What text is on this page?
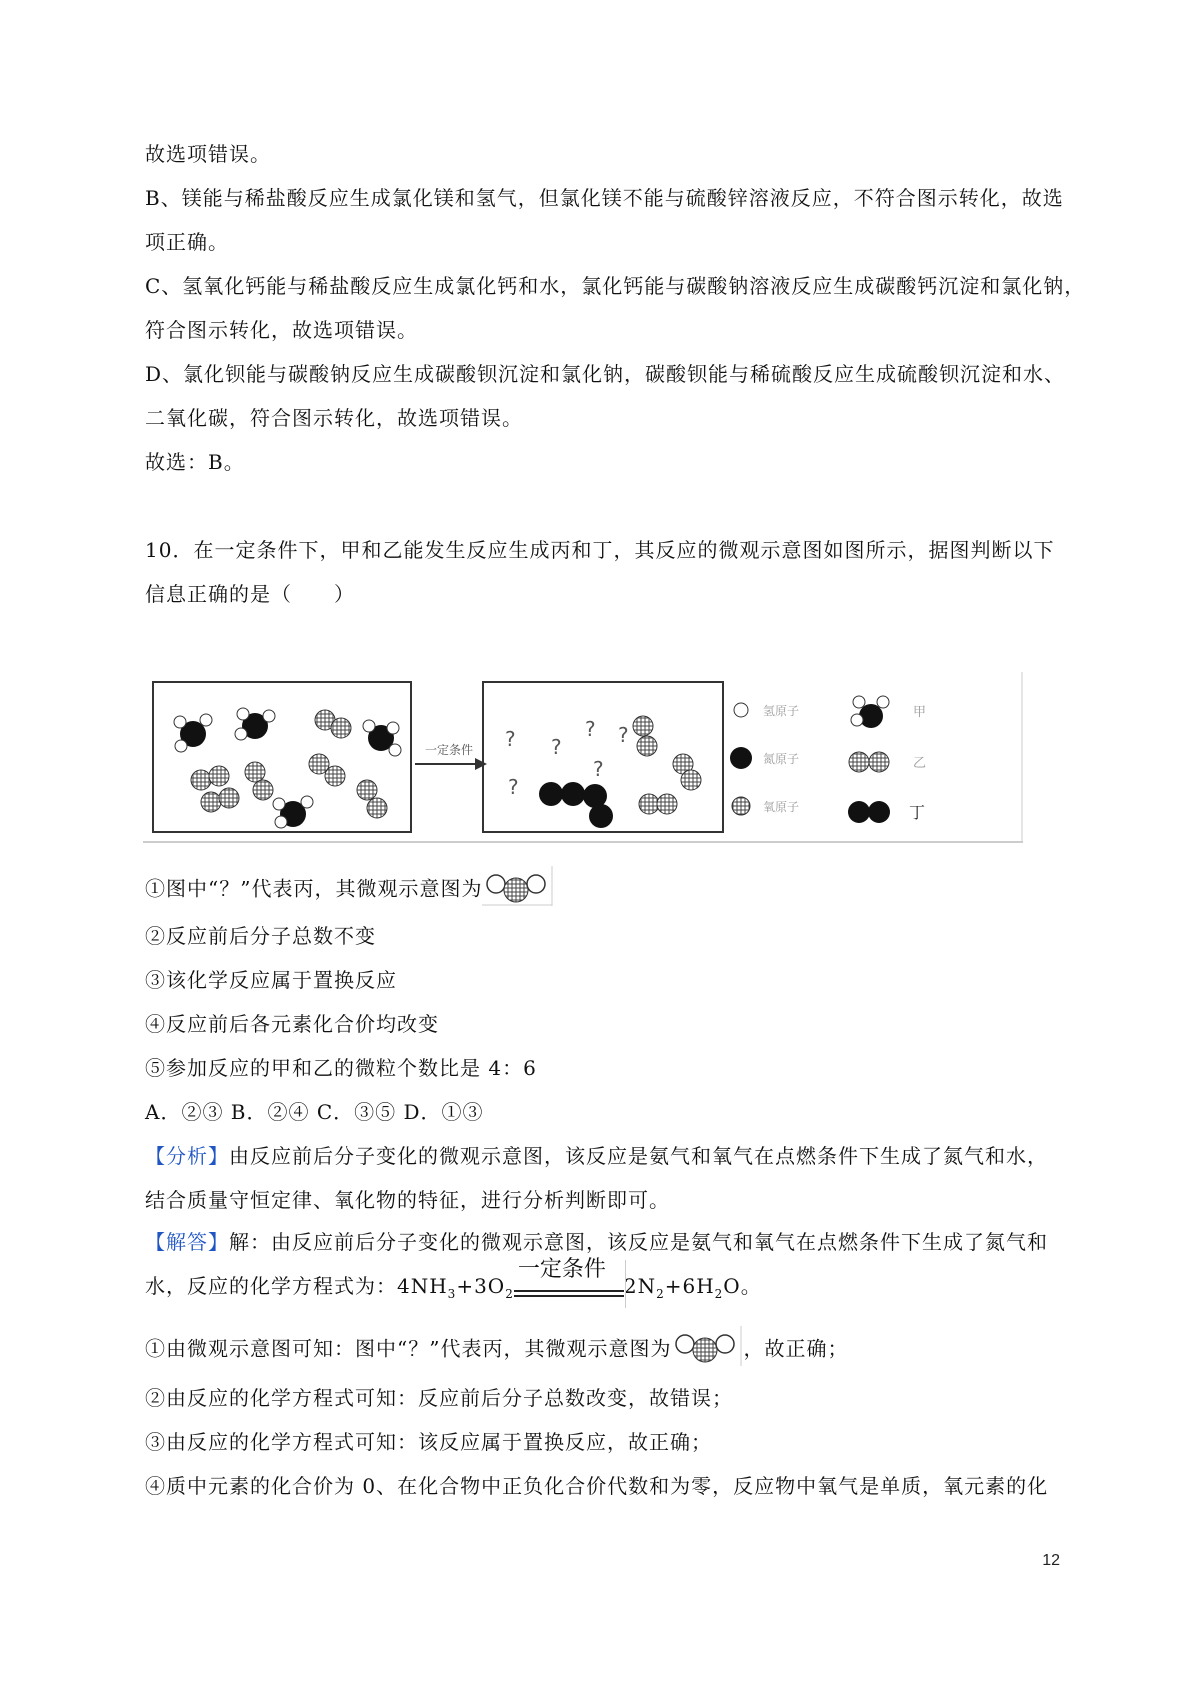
故选项错误。
B、镁能与稀盐酸反应生成氯化镁和氢气，但氯化镁不能与硫酸锌溶液反应，不符合图示转化，故选
项正确。
C、氢氧化钙能与稀盐酸反应生成氯化钙和水，氯化钙能与碳酸钠溶液反应生成碳酸钙沉淀和氯化钠，
符合图示转化，故选项错误。
D、氯化钡能与碳酸钠反应生成碳酸钡沉淀和氯化钠，碳酸钡能与稀硫酸反应生成硫酸钡沉淀和水、
二氧化碳，符合图示转化，故选项错误。
故选：B。
10．在一定条件下，甲和乙能发生反应生成丙和丁，其反应的微观示意图如图所示，据图判断以下
信息正确的是（　　）
一定条件 ?	?
?	?
?
?
氢原子
氮原子
氧原子
甲
乙
丁
①图中“？”代表丙，其微观示意图为
②反应前后分子总数不变
③该化学反应属于置换反应
④反应前后各元素化合价均改变
⑤参加反应的甲和乙的微粒个数比是 4：6
A．②③ B．②④ C．③⑤ D．①③
【分析】由反应前后分子变化的微观示意图，该反应是氨气和氧气在点燃条件下生成了氮气和水，
结合质量守恒定律、氧化物的特征，进行分析判断即可。
【解答】解：由反应前后分子变化的微观示意图，该反应是氨气和氧气在点燃条件下生成了氮气和
水，反应的化学方程式为：$4NH_3+3O_2$
一定条件
$2N_2+6H_2O$。
①由微观示意图可知：图中“？”代表丙，其微观示意图为	，故正确；
②由反应的化学方程式可知：反应前后分子总数改变，故错误；
③由反应的化学方程式可知：该反应属于置换反应，故正确；
④质中元素的化合价为 0、在化合物中正负化合价代数和为零，反应物中氧气是单质，氧元素的化
12
